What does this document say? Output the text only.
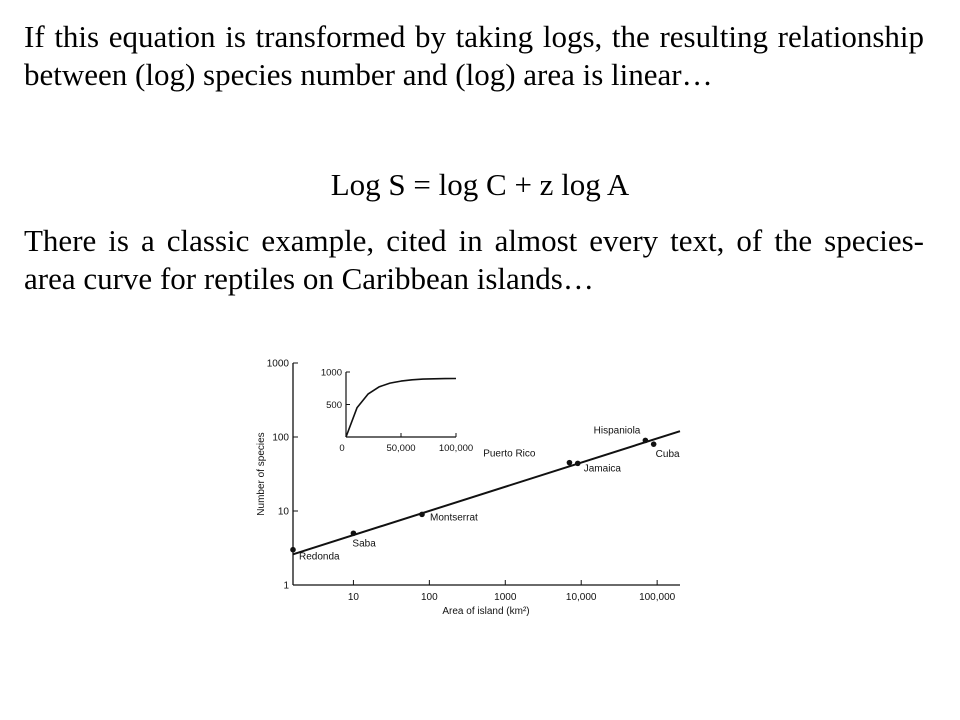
If this equation is transformed by taking logs, the resulting relationship between (log) species number and (log) area is linear…

Log S = log C + z log A

There is a classic example, cited in almost every text, of the species-area curve for reptiles on Caribbean islands…

1
10
100
1000
10	100	1000	10,000	100,000
Area of island (km²)
Number of species
Redonda
Saba
Montserrat
Puerto Rico
Jamaica
Hispaniola
Cuba
500
1000
0	50,000 100,000
